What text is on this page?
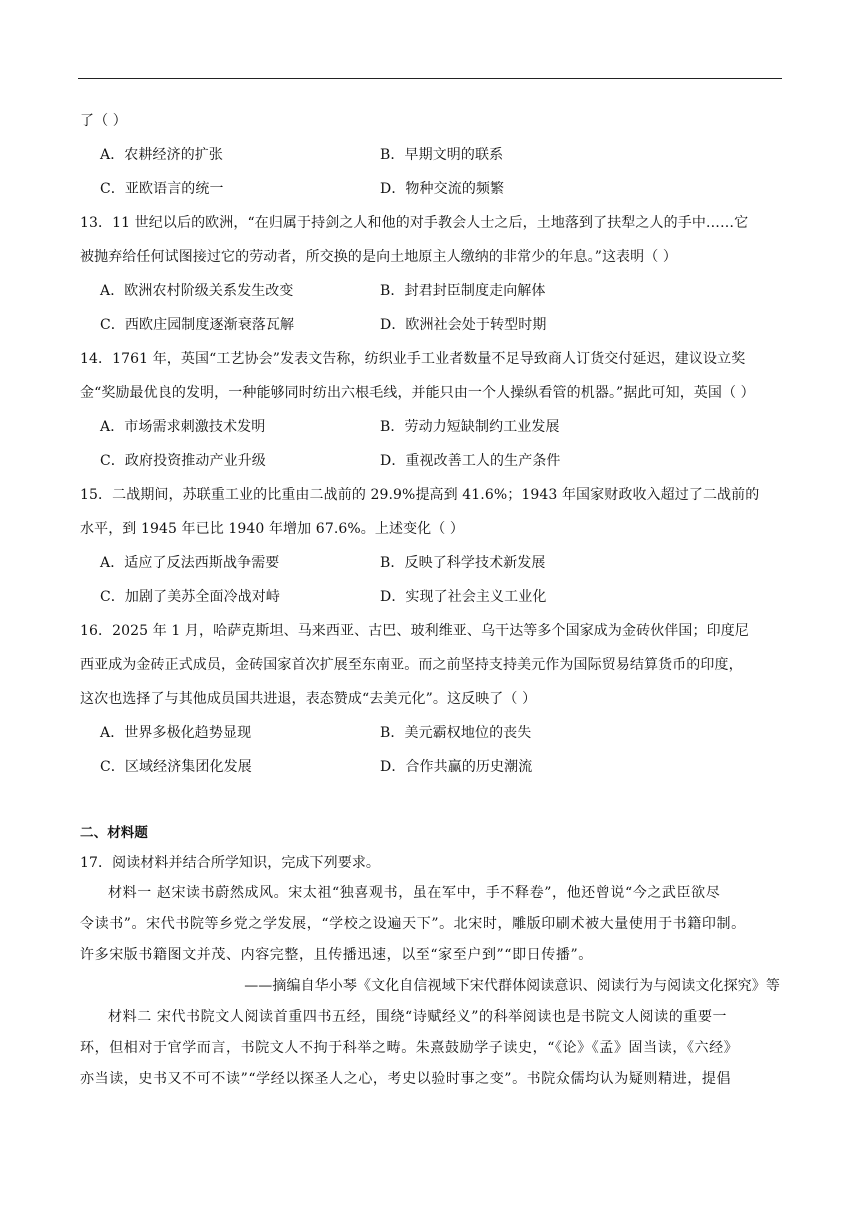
了（ ）
A．农耕经济的扩张	B．早期文明的联系
C．亚欧语言的统一	D．物种交流的频繁
13．11 世纪以后的欧洲，“在归属于持剑之人和他的对手教会人士之后，土地落到了扶犁之人的手中……它
被抛弃给任何试图接过它的劳动者，所交换的是向土地原主人缴纳的非常少的年息。”这表明（ ）
A．欧洲农村阶级关系发生改变	B．封君封臣制度走向解体
C．西欧庄园制度逐渐衰落瓦解	D．欧洲社会处于转型时期
14．1761 年，英国“工艺协会”发表文告称，纺织业手工业者数量不足导致商人订货交付延迟，建议设立奖
金“奖励最优良的发明，一种能够同时纺出六根毛线，并能只由一个人操纵看管的机器。”据此可知，英国（ ）
A．市场需求刺激技术发明	B．劳动力短缺制约工业发展
C．政府投资推动产业升级	D．重视改善工人的生产条件
15．二战期间，苏联重工业的比重由二战前的 29.9%提高到 41.6%；1943 年国家财政收入超过了二战前的
水平，到 1945 年已比 1940 年增加 67.6%。上述变化（ ）
A．适应了反法西斯战争需要	B．反映了科学技术新发展
C．加剧了美苏全面冷战对峙	D．实现了社会主义工业化
16．2025 年 1 月，哈萨克斯坦、马来西亚、古巴、玻利维亚、乌干达等多个国家成为金砖伙伴国；印度尼
西亚成为金砖正式成员，金砖国家首次扩展至东南亚。而之前坚持支持美元作为国际贸易结算货币的印度，
这次也选择了与其他成员国共进退，表态赞成“去美元化”。这反映了（ ）
A．世界多极化趋势显现	B．美元霸权地位的丧失
C．区域经济集团化发展	D．合作共赢的历史潮流
二、材料题
17．阅读材料并结合所学知识，完成下列要求。
材料一 赵宋读书蔚然成风。宋太祖“独喜观书，虽在军中，手不释卷”，他还曾说“今之武臣欲尽
令读书”。宋代书院等乡党之学发展，“学校之设遍天下”。北宋时，雕版印刷术被大量使用于书籍印制。
许多宋版书籍图文并茂、内容完整，且传播迅速，以至“家至户到”“即日传播”。
——摘编自华小琴《文化自信视域下宋代群体阅读意识、阅读行为与阅读文化探究》等
材料二 宋代书院文人阅读首重四书五经，围绕“诗赋经义”的科举阅读也是书院文人阅读的重要一
环，但相对于官学而言，书院文人不拘于科举之畴。朱熹鼓励学子读史，“《论》《孟》固当读，《六经》
亦当读，史书又不可不读”“学经以探圣人之心，考史以验时事之变”。书院众儒均认为疑则精进，提倡
